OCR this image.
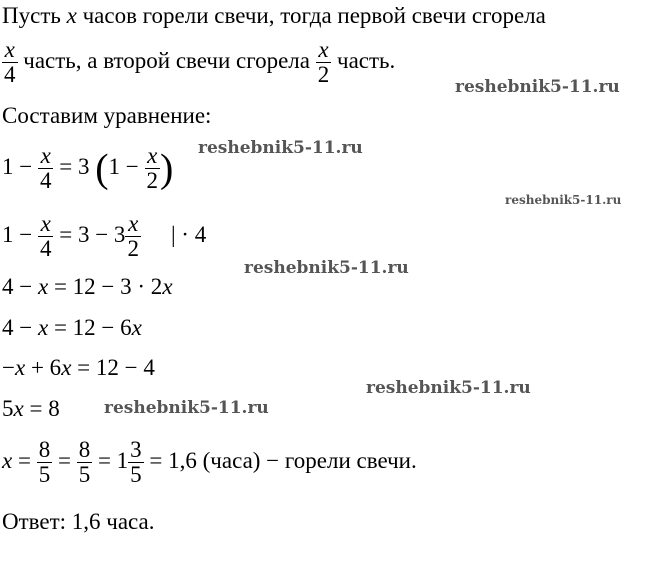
Пусть x часов горели свечи, тогда первой свечи сгорела
$\frac{x}{4}$ часть, а второй свечи сгорела $\frac{x}{2}$ часть.
Составим уравнение:
$1 - \frac{x}{4} = 3$ ($1 - \frac{x}{2}$ )
$1 - \frac{x}{4} = 3 - 3 \frac{x}{2}$ | · 4
4 − x = 12 − 3 · 2x
4 − x = 12 − 6x
−x + 6x = 12 − 4
5x = 8
$x = \frac{8}{5} = \frac{8}{5} = 1 \frac{3}{5} = 1,6$ (часа) − горели свечи.
Ответ: 1,6 часа.
reshebnik5-11.ru
reshebnik5-11.ru
reshebnik5-11.ru
reshebnik5-11.ru
reshebnik5-11.ru
reshebnik5-11.ru
